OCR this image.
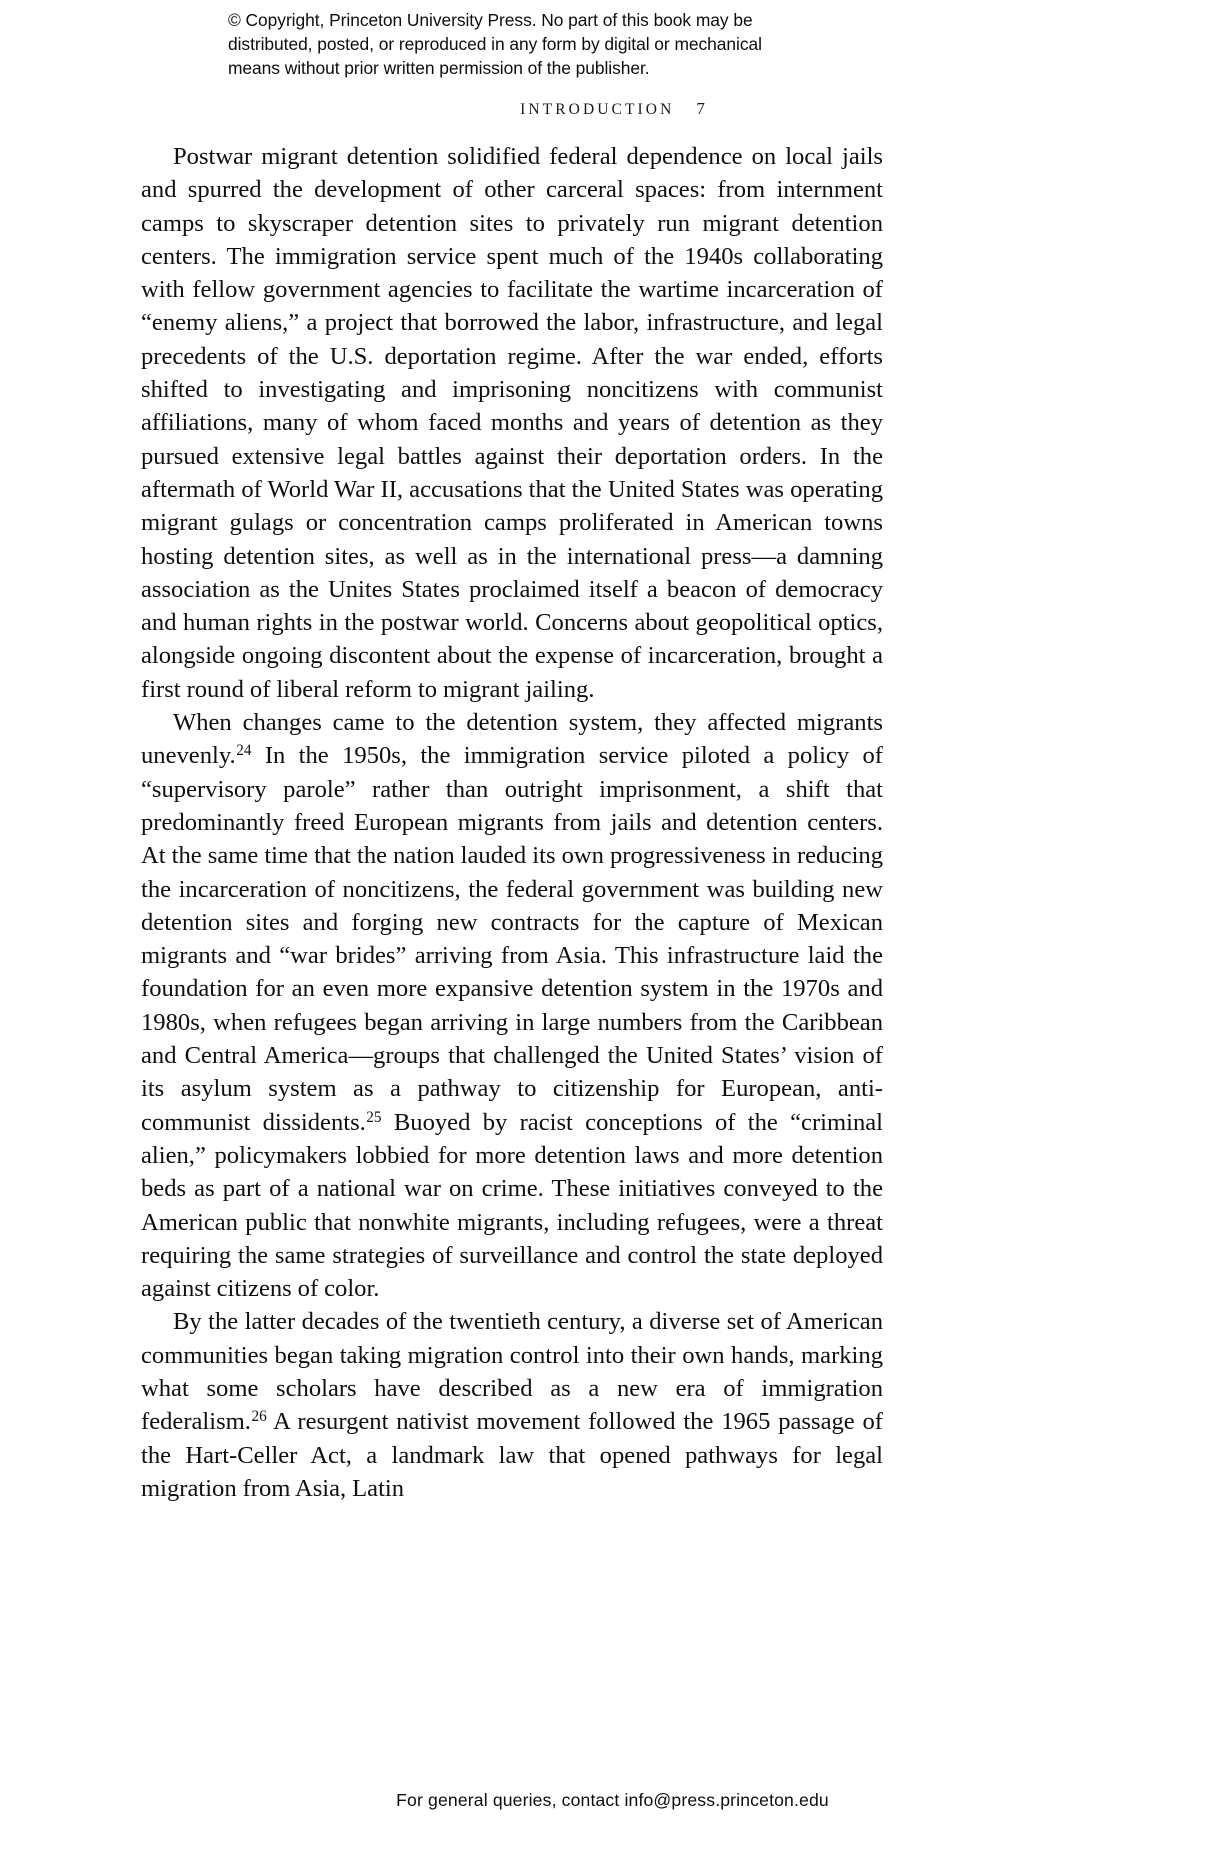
© Copyright, Princeton University Press. No part of this book may be
distributed, posted, or reproduced in any form by digital or mechanical
means without prior written permission of the publisher.
INTRODUCTION 7

Postwar migrant detention solidified federal dependence on local jails and spurred the development of other carceral spaces: from internment camps to skyscraper detention sites to privately run migrant detention centers. The immigration service spent much of the 1940s collaborating with fellow government agencies to facilitate the wartime incarceration of “enemy aliens,” a project that borrowed the labor, infrastructure, and legal precedents of the U.S. deportation regime. After the war ended, efforts shifted to investigating and imprisoning noncitizens with communist affiliations, many of whom faced months and years of detention as they pursued extensive legal battles against their deportation orders. In the aftermath of World War II, accusations that the United States was operating migrant gulags or concentration camps proliferated in American towns hosting detention sites, as well as in the international press—a damning association as the Unites States proclaimed itself a beacon of democracy and human rights in the postwar world. Concerns about geopolitical optics, alongside ongoing discontent about the expense of incarceration, brought a first round of liberal reform to migrant jailing.

When changes came to the detention system, they affected migrants unevenly.$^{24}$ In the 1950s, the immigration service piloted a policy of “supervisory parole” rather than outright imprisonment, a shift that predominantly freed European migrants from jails and detention centers. At the same time that the nation lauded its own progressiveness in reducing the incarceration of noncitizens, the federal government was building new detention sites and forging new contracts for the capture of Mexican migrants and “war brides” arriving from Asia. This infrastructure laid the foundation for an even more expansive detention system in the 1970s and 1980s, when refugees began arriving in large numbers from the Caribbean and Central America—groups that challenged the United States’ vision of its asylum system as a pathway to citizenship for European, anti-communist dissidents.$^{25}$ Buoyed by racist conceptions of the “criminal alien,” policymakers lobbied for more detention laws and more detention beds as part of a national war on crime. These initiatives conveyed to the American public that nonwhite migrants, including refugees, were a threat requiring the same strategies of surveillance and control the state deployed against citizens of color.

By the latter decades of the twentieth century, a diverse set of American communities began taking migration control into their own hands, marking what some scholars have described as a new era of immigration federalism.$^{26}$ A resurgent nativist movement followed the 1965 passage of the Hart-Celler Act, a landmark law that opened pathways for legal migration from Asia, Latin

For general queries, contact info@press.princeton.edu
